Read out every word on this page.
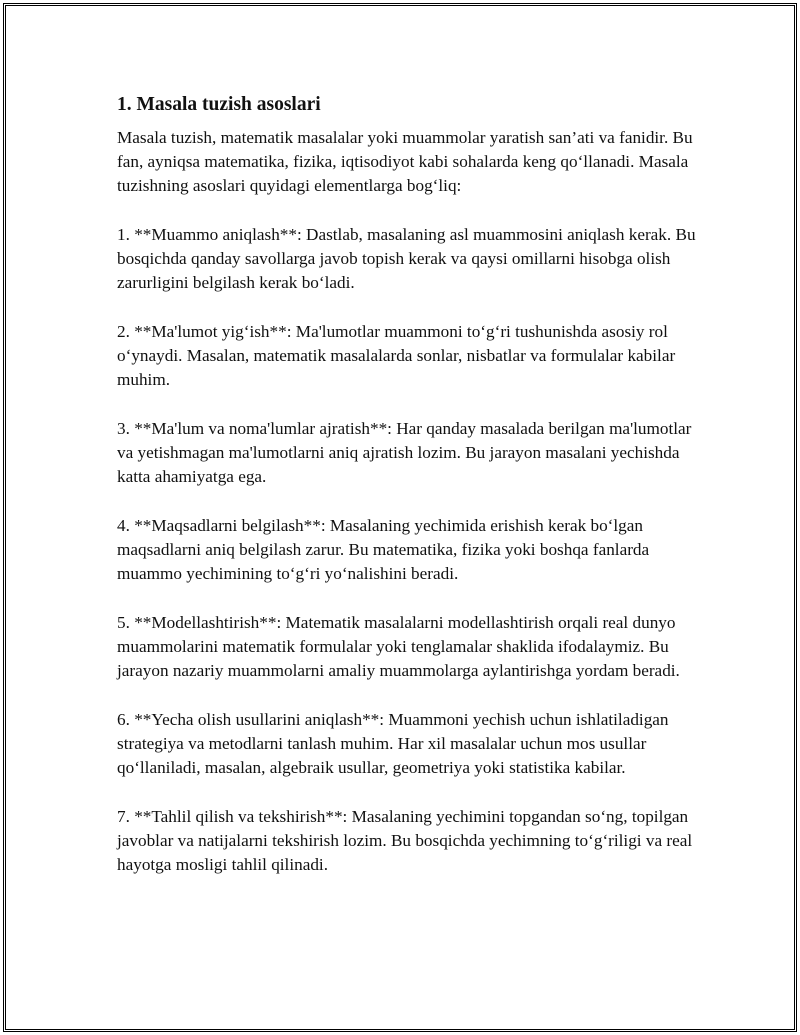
1. Masala tuzish asoslari

Masala tuzish, matematik masalalar yoki muammolar yaratish san’ati va fanidir. Bu fan, ayniqsa matematika, fizika, iqtisodiyot kabi sohalarda keng qo‘llanadi. Masala tuzishning asoslari quyidagi elementlarga bog‘liq:

1. **Muammo aniqlash**: Dastlab, masalaning asl muammosini aniqlash kerak. Bu bosqichda qanday savollarga javob topish kerak va qaysi omillarni hisobga olish zarurligini belgilash kerak bo‘ladi.

2. **Ma'lumot yig‘ish**: Ma'lumotlar muammoni to‘g‘ri tushunishda asosiy rol o‘ynaydi. Masalan, matematik masalalarda sonlar, nisbatlar va formulalar kabilar muhim.

3. **Ma'lum va noma'lumlar ajratish**: Har qanday masalada berilgan ma'lumotlar va yetishmagan ma'lumotlarni aniq ajratish lozim. Bu jarayon masalani yechishda katta ahamiyatga ega.

4. **Maqsadlarni belgilash**: Masalaning yechimida erishish kerak bo‘lgan maqsadlarni aniq belgilash zarur. Bu matematika, fizika yoki boshqa fanlarda muammo yechimining to‘g‘ri yo‘nalishini beradi.

5. **Modellashtirish**: Matematik masalalarni modellashtirish orqali real dunyo muammolarini matematik formulalar yoki tenglamalar shaklida ifodalaymiz. Bu jarayon nazariy muammolarni amaliy muammolarga aylantirishga yordam beradi.

6. **Yecha olish usullarini aniqlash**: Muammoni yechish uchun ishlatiladigan strategiya va metodlarni tanlash muhim. Har xil masalalar uchun mos usullar qo‘llaniladi, masalan, algebraik usullar, geometriya yoki statistika kabilar.

7. **Tahlil qilish va tekshirish**: Masalaning yechimini topgandan so‘ng, topilgan javoblar va natijalarni tekshirish lozim. Bu bosqichda yechimning to‘g‘riligi va real hayotga mosligi tahlil qilinadi.
